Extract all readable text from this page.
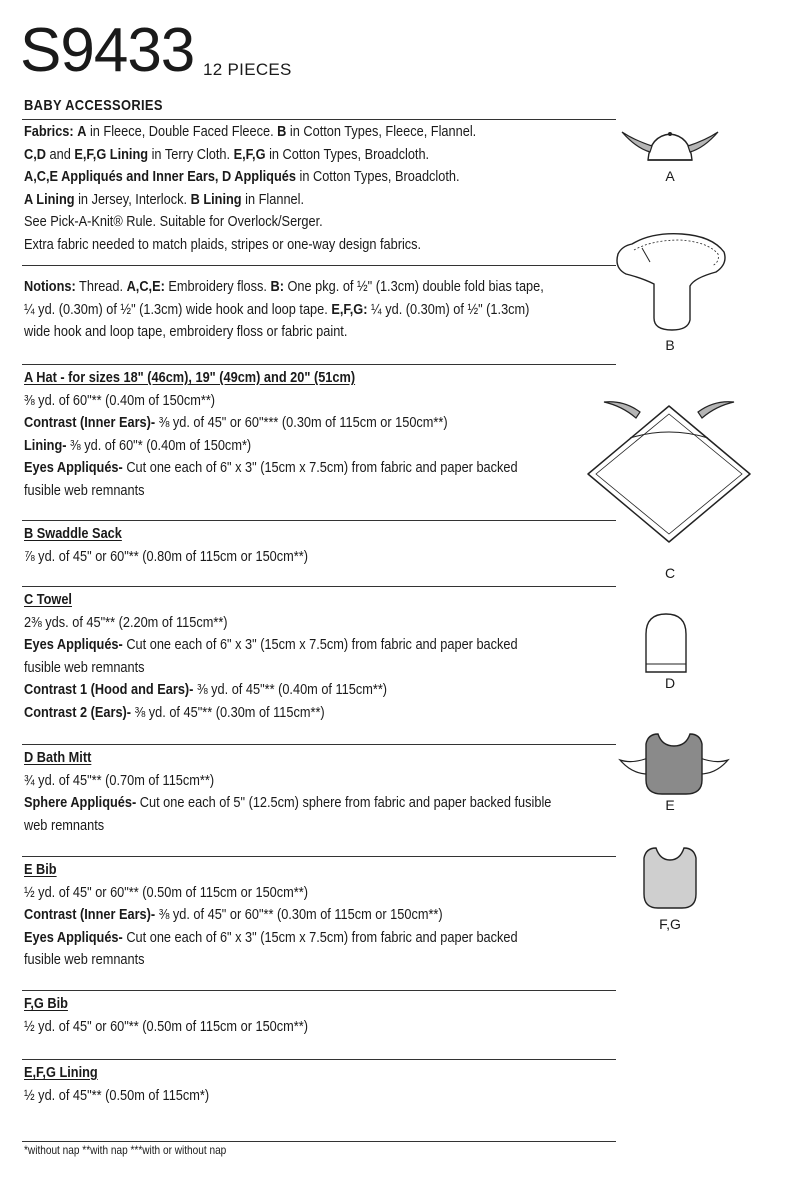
S9433 12 PIECES
BABY ACCESSORIES
Fabrics: A in Fleece, Double Faced Fleece. B in Cotton Types, Fleece, Flannel.
C,D and E,F,G Lining in Terry Cloth. E,F,G in Cotton Types, Broadcloth.
A,C,E Appliqués and Inner Ears, D Appliqués in Cotton Types, Broadcloth.
A Lining in Jersey, Interlock. B Lining in Flannel.
See Pick-A-Knit® Rule. Suitable for Overlock/Serger.
Extra fabric needed to match plaids, stripes or one-way design fabrics.
Notions: Thread. A,C,E: Embroidery floss. B: One pkg. of ½" (1.3cm) double fold bias tape,
¼ yd. (0.30m) of ½" (1.3cm) wide hook and loop tape. E,F,G: ¼ yd. (0.30m) of ½" (1.3cm)
wide hook and loop tape, embroidery floss or fabric paint.
A Hat - for sizes 18" (46cm), 19" (49cm) and 20" (51cm)
⅜ yd. of 60"** (0.40m of 150cm**)
Contrast (Inner Ears)- ⅜ yd. of 45" or 60"*** (0.30m of 115cm or 150cm**)
Lining- ⅜ yd. of 60"* (0.40m of 150cm*)
Eyes Appliqués- Cut one each of 6" x 3" (15cm x 7.5cm) from fabric and paper backed
fusible web remnants
B Swaddle Sack
⅞ yd. of 45" or 60"** (0.80m of 115cm or 150cm**)
C Towel
2⅜ yds. of 45"** (2.20m of 115cm**)
Eyes Appliqués- Cut one each of 6" x 3" (15cm x 7.5cm) from fabric and paper backed
fusible web remnants
Contrast 1 (Hood and Ears)- ⅜ yd. of 45"** (0.40m of 115cm**)
Contrast 2 (Ears)- ⅜ yd. of 45"** (0.30m of 115cm**)
D Bath Mitt
¾ yd. of 45"** (0.70m of 115cm**)
Sphere Appliqués- Cut one each of 5" (12.5cm) sphere from fabric and paper backed fusible
web remnants
E Bib
½ yd. of 45" or 60"** (0.50m of 115cm or 150cm**)
Contrast (Inner Ears)- ⅜ yd. of 45" or 60"** (0.30m of 115cm or 150cm**)
Eyes Appliqués- Cut one each of 6" x 3" (15cm x 7.5cm) from fabric and paper backed
fusible web remnants
F,G Bib
½ yd. of 45" or 60"** (0.50m of 115cm or 150cm**)
E,F,G Lining
½ yd. of 45"** (0.50m of 115cm*)
*without nap **with nap ***with or without nap
A
B
C
D
E
F,G
